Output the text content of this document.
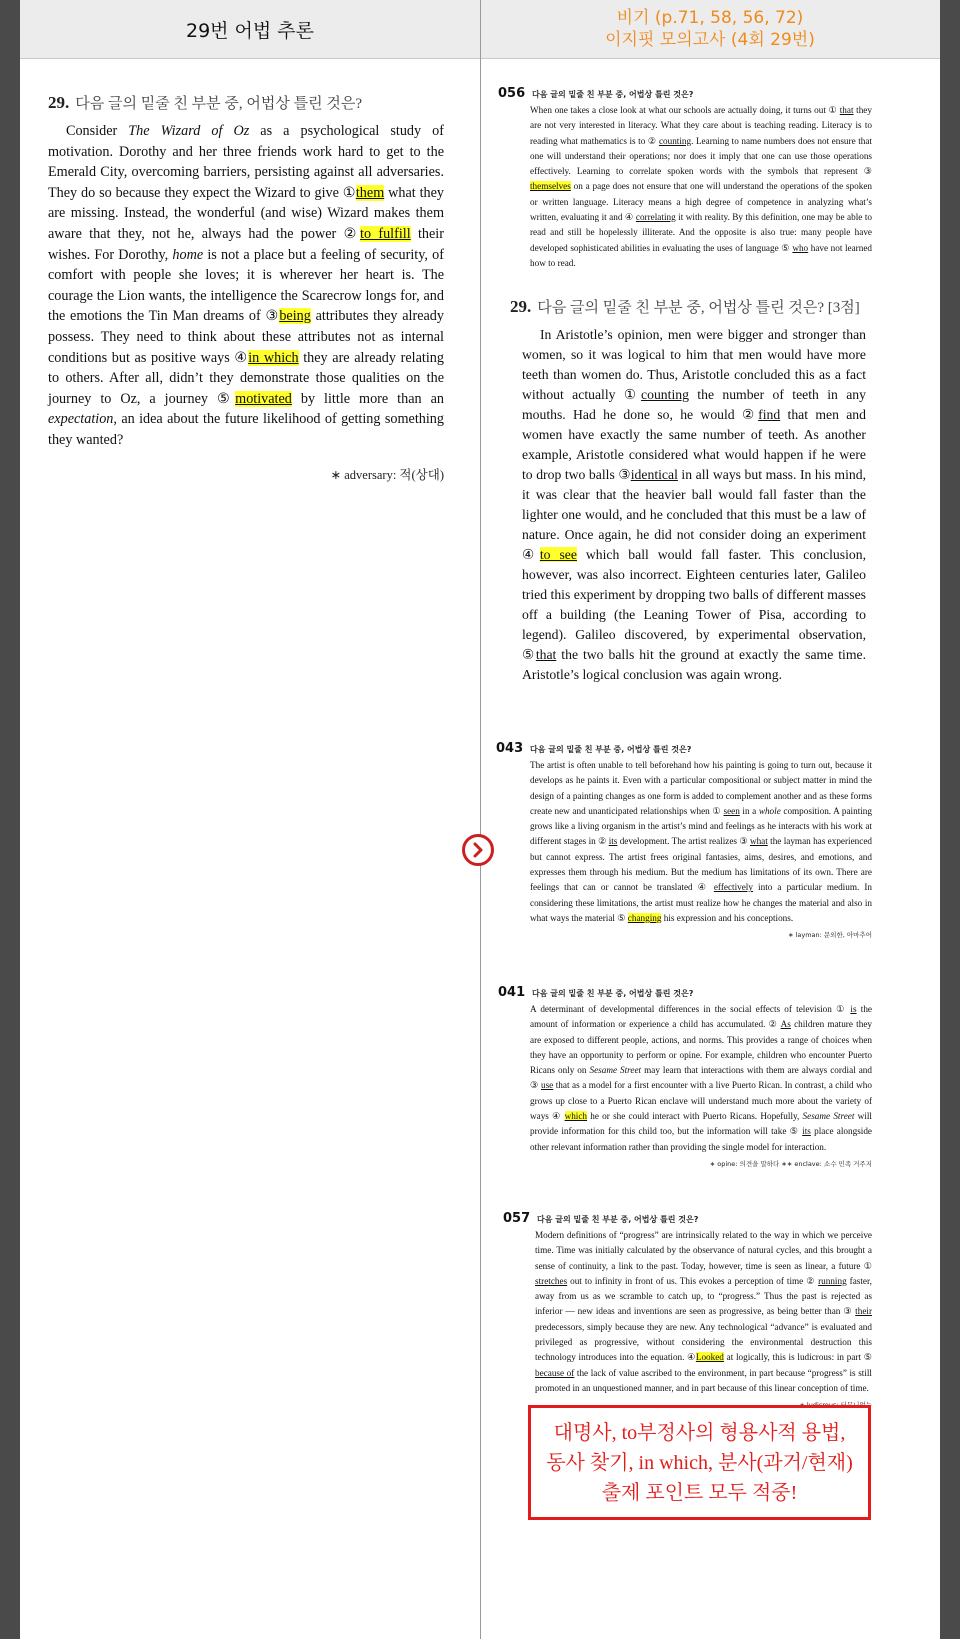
29번 어법 추론
비기 (p.71, 58, 56, 72)
이지핏 모의고사 (4회 29번)
29. 다음 글의 밑줄 친 부분 중, 어법상 틀린 것은?

Consider The Wizard of Oz as a psychological study of motivation. Dorothy and her three friends work hard to get to the Emerald City, overcoming barriers, persisting against all adversaries. They do so because they expect the Wizard to give ①them what they are missing. Instead, the wonderful (and wise) Wizard makes them aware that they, not he, always had the power ②to fulfill their wishes. For Dorothy, home is not a place but a feeling of security, of comfort with people she loves; it is wherever her heart is. The courage the Lion wants, the intelligence the Scarecrow longs for, and the emotions the Tin Man dreams of ③being attributes they already possess. They need to think about these attributes not as internal conditions but as positive ways ④in which they are already relating to others. After all, didn’t they demonstrate those qualities on the journey to Oz, a journey ⑤motivated by little more than an expectation, an idea about the future likelihood of getting something they wanted?

∗ adversary: 적(상대)
056 다음 글의 밑줄 친 부분 중, 어법상 틀린 것은?

When one takes a close look at what our schools are actually doing, it turns out ① that they are not very interested in literacy. What they care about is teaching reading. Literacy is to reading what mathematics is to ② counting. Learning to name numbers does not ensure that one will understand their operations; nor does it imply that one can use those operations effectively. Learning to correlate spoken words with the symbols that represent ③ themselves on a page does not ensure that one will understand the operations of the spoken or written language. Literacy means a high degree of competence in analyzing what’s written, evaluating it and ④ correlating it with reality. By this definition, one may be able to read and still be hopelessly illiterate. And the opposite is also true: many people have developed sophisticated abilities in evaluating the uses of language ⑤ who have not learned how to read.

29. 다음 글의 밑줄 친 부분 중, 어법상 틀린 것은? [3점]

In Aristotle’s opinion, men were bigger and stronger than women, so it was logical to him that men would have more teeth than women do. Thus, Aristotle concluded this as a fact without actually ①counting the number of teeth in any mouths. Had he done so, he would ②find that men and women have exactly the same number of teeth. As another example, Aristotle considered what would happen if he were to drop two balls ③identical in all ways but mass. In his mind, it was clear that the heavier ball would fall faster than the lighter one would, and he concluded that this must be a law of nature. Once again, he did not consider doing an experiment ④to see which ball would fall faster. This conclusion, however, was also incorrect. Eighteen centuries later, Galileo tried this experiment by dropping two balls of different masses off a building (the Leaning Tower of Pisa, according to legend). Galileo discovered, by experimental observation, ⑤that the two balls hit the ground at exactly the same time. Aristotle’s logical conclusion was again wrong.

043 다음 글의 밑줄 친 부분 중, 어법상 틀린 것은?

The artist is often unable to tell beforehand how his painting is going to turn out, because it develops as he paints it. Even with a particular compositional or subject matter in mind the design of a painting changes as one form is added to complement another and as these forms create new and unanticipated relationships when ① seen in a whole composition. A painting grows like a living organism in the artist’s mind and feelings as he interacts with his work at different stages in ② its development. The artist realizes ③ what the layman has experienced but cannot express. The artist frees original fantasies, aims, desires, and emotions, and expresses them through his medium. But the medium has limitations of its own. There are feelings that can or cannot be translated ④ effectively into a particular medium. In considering these limitations, the artist must realize how he changes the material and also in what ways the material ⑤ changing his expression and his conceptions.

∗ layman: 문외한, 아마추어
041 다음 글의 밑줄 친 부분 중, 어법상 틀린 것은?

A determinant of developmental differences in the social effects of television ① is the amount of information or experience a child has accumulated. ② As children mature they are exposed to different people, actions, and norms. This provides a range of choices when they have an opportunity to perform or opine. For example, children who encounter Puerto Ricans only on Sesame Street may learn that interactions with them are always cordial and ③ use that as a model for a first encounter with a live Puerto Rican. In contrast, a child who grows up close to a Puerto Rican enclave will understand much more about the variety of ways ④ which he or she could interact with Puerto Ricans. Hopefully, Sesame Street will provide information for this child too, but the information will take ⑤ its place alongside other relevant information rather than providing the single model for interaction.

∗ opine: 의견을 말하다 ∗∗ enclave: 소수 민족 거주지
057 다음 글의 밑줄 친 부분 중, 어법상 틀린 것은?

Modern definitions of “progress” are intrinsically related to the way in which we perceive time. Time was initially calculated by the observance of natural cycles, and this brought a sense of continuity, a link to the past. Today, however, time is seen as linear, a future ① stretches out to infinity in front of us. This evokes a perception of time ② running faster, away from us as we scramble to catch up, to “progress.” Thus the past is rejected as inferior — new ideas and inventions are seen as progressive, as being better than ③ their predecessors, simply because they are new. Any technological “advance” is evaluated and privileged as progressive, without considering the environmental destruction this technology introduces into the equation. ④Looked at logically, this is ludicrous: in part ⑤ because of the lack of value ascribed to the environment, in part because “progress” is still promoted in an unquestioned manner, and in part because of this linear conception of time.

∗ ludicrous: 터무니없는
대명사, to부정사의 형용사적 용법,
동사 찾기, in which, 분사(과거/현재)
출제 포인트 모두 적중!
